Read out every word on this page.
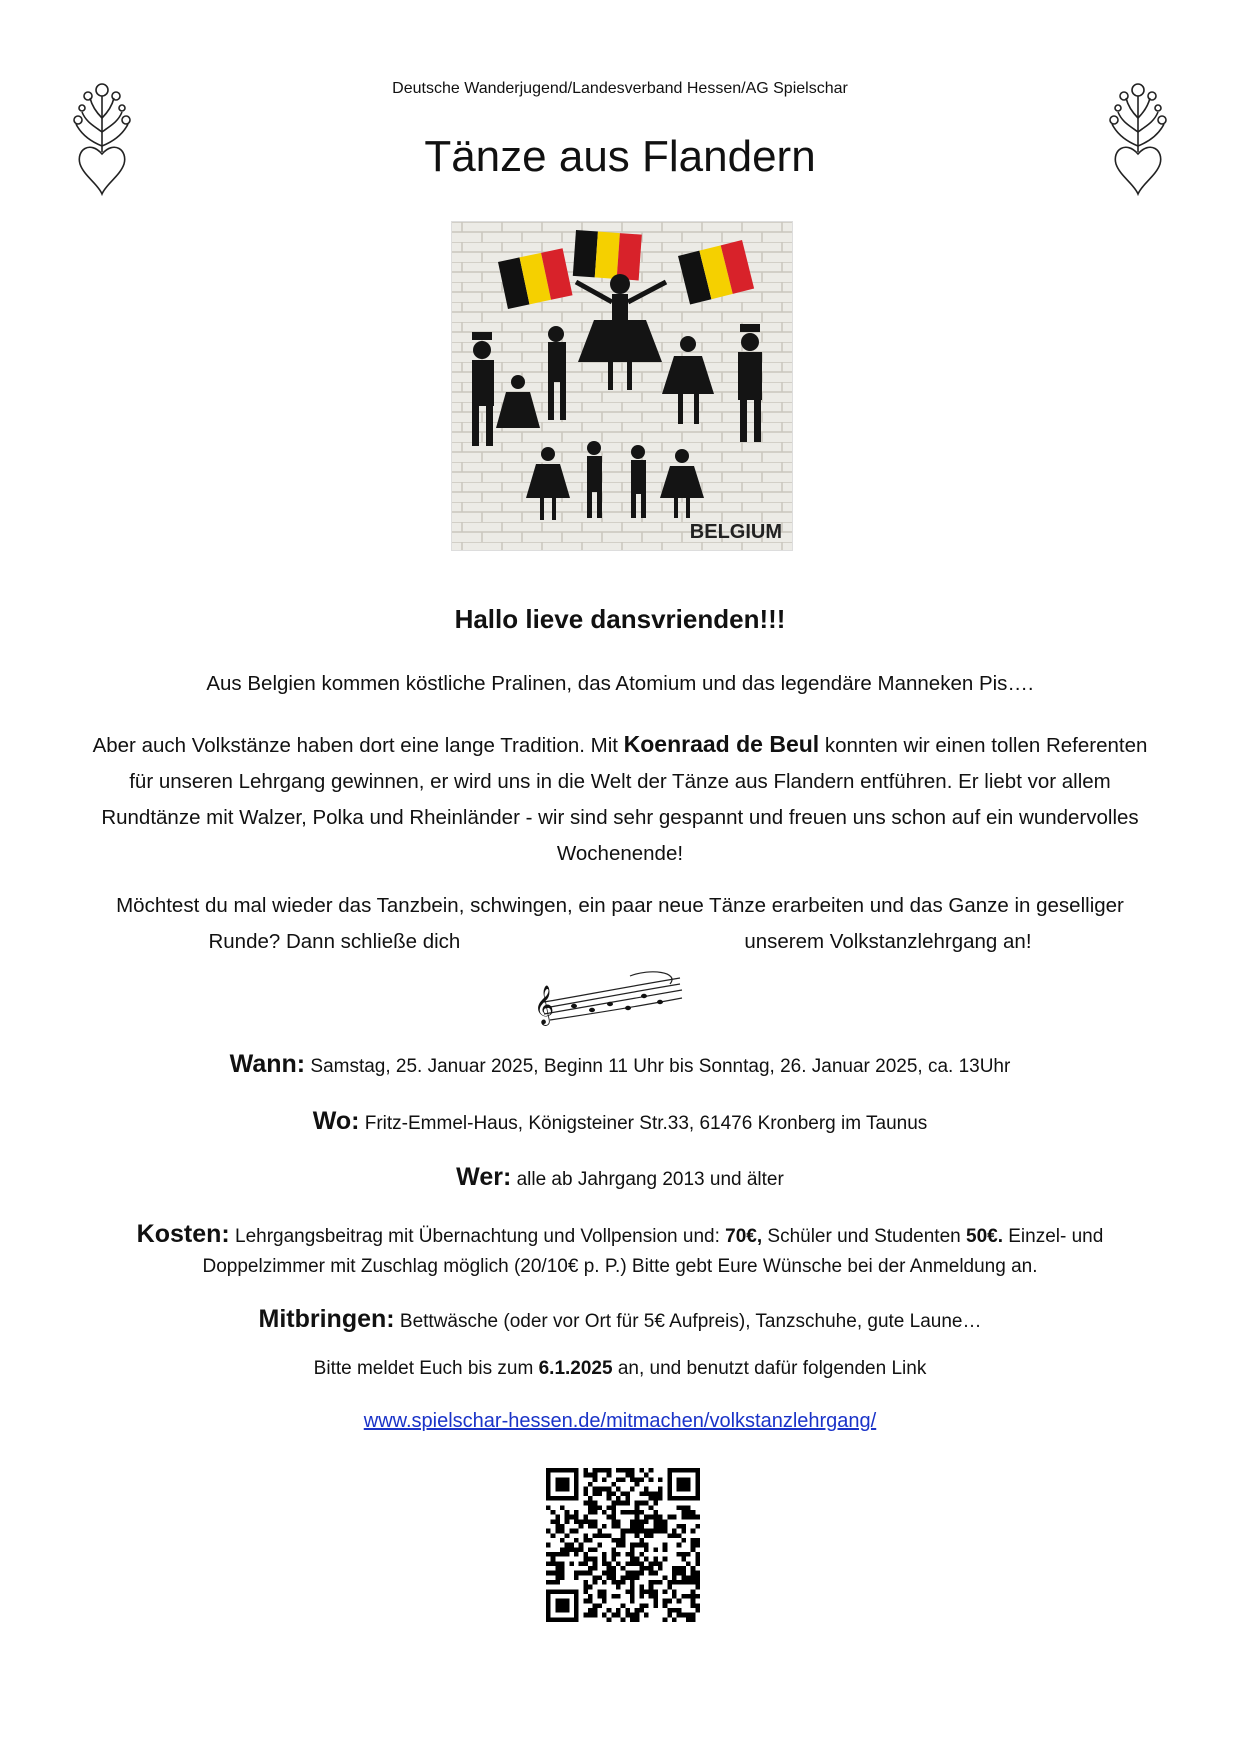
Deutsche Wanderjugend/Landesverband Hessen/AG Spielschar
Tänze aus Flandern
BELGIUM
Hallo lieve dansvrienden!!!
Aus Belgien kommen köstliche Pralinen, das Atomium und das legendäre Manneken Pis….
Aber auch Volkstänze haben dort eine lange Tradition. Mit Koenraad de Beul konnten wir einen tollen Referenten für unseren Lehrgang gewinnen, er wird uns in die Welt der Tänze aus Flandern entführen. Er liebt vor allem Rundtänze mit Walzer, Polka und Rheinländer - wir sind sehr gespannt und freuen uns schon auf ein wundervolles Wochenende!
Möchtest du mal wieder das Tanzbein, schwingen, ein paar neue Tänze erarbeiten und das Ganze in geselliger Runde? Dann schließe dich	unserem Volkstanzlehrgang an!
𝄞
Wann: Samstag, 25. Januar 2025, Beginn 11 Uhr bis Sonntag, 26. Januar 2025, ca. 13Uhr
Wo: Fritz-Emmel-Haus, Königsteiner Str.33, 61476 Kronberg im Taunus
Wer: alle ab Jahrgang 2013 und älter
Kosten: Lehrgangsbeitrag mit Übernachtung und Vollpension und: 70€, Schüler und Studenten 50€. Einzel- und Doppelzimmer mit Zuschlag möglich (20/10€ p. P.) Bitte gebt Eure Wünsche bei der Anmeldung an.
Mitbringen: Bettwäsche (oder vor Ort für 5€ Aufpreis), Tanzschuhe, gute Laune…
Bitte meldet Euch bis zum 6.1.2025 an, und benutzt dafür folgenden Link
www.spielschar-hessen.de/mitmachen/volkstanzlehrgang/
